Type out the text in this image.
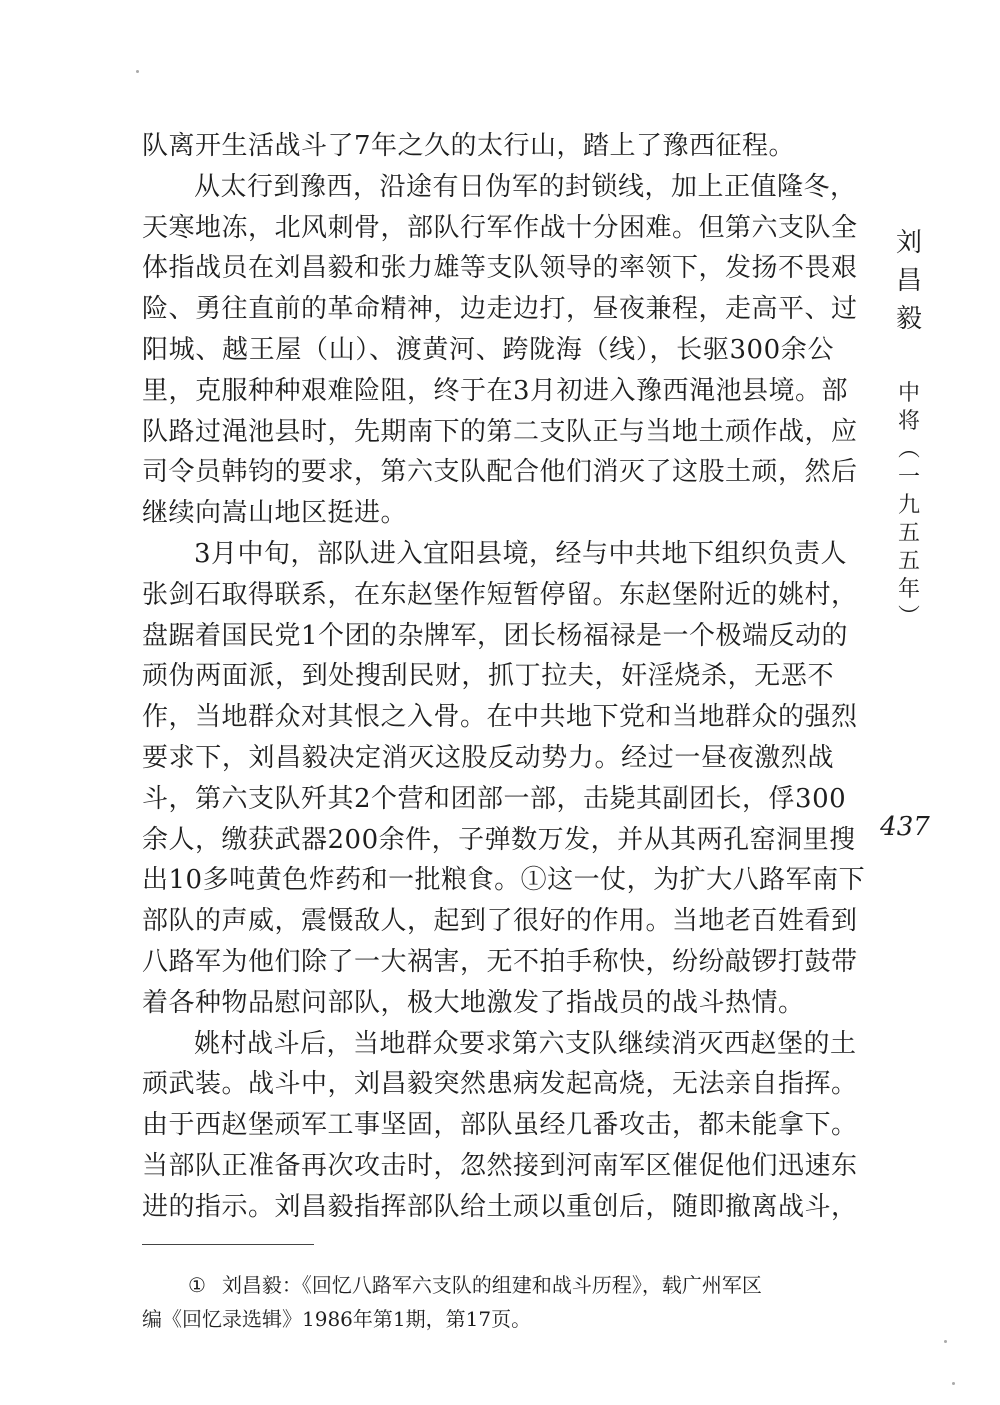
队离开生活战斗了7年之久的太行山，踏上了豫西征程。
从太行到豫西，沿途有日伪军的封锁线，加上正值隆冬，
天寒地冻，北风刺骨，部队行军作战十分困难。但第六支队全
体指战员在刘昌毅和张力雄等支队领导的率领下，发扬不畏艰
险、勇往直前的革命精神，边走边打，昼夜兼程，走高平、过
阳城、越王屋（山）、渡黄河、跨陇海（线），长驱300余公
里，克服种种艰难险阻，终于在3月初进入豫西渑池县境。部
队路过渑池县时，先期南下的第二支队正与当地土顽作战，应
司令员韩钧的要求，第六支队配合他们消灭了这股土顽，然后
继续向嵩山地区挺进。
3月中旬，部队进入宜阳县境，经与中共地下组织负责人
张剑石取得联系，在东赵堡作短暂停留。东赵堡附近的姚村，
盘踞着国民党1个团的杂牌军，团长杨福禄是一个极端反动的
顽伪两面派，到处搜刮民财，抓丁拉夫，奸淫烧杀，无恶不
作，当地群众对其恨之入骨。在中共地下党和当地群众的强烈
要求下，刘昌毅决定消灭这股反动势力。经过一昼夜激烈战
斗，第六支队歼其2个营和团部一部，击毙其副团长，俘300
余人，缴获武器200余件，子弹数万发，并从其两孔窑洞里搜
出10多吨黄色炸药和一批粮食。①这一仗，为扩大八路军南下
部队的声威，震慑敌人，起到了很好的作用。当地老百姓看到
八路军为他们除了一大祸害，无不拍手称快，纷纷敲锣打鼓带
着各种物品慰问部队，极大地激发了指战员的战斗热情。
姚村战斗后，当地群众要求第六支队继续消灭西赵堡的土
顽武装。战斗中，刘昌毅突然患病发起高烧，无法亲自指挥。
由于西赵堡顽军工事坚固，部队虽经几番攻击，都未能拿下。
当部队正准备再次攻击时，忽然接到河南军区催促他们迅速东
进的指示。刘昌毅指挥部队给土顽以重创后，随即撤离战斗，
刘
昌
毅
中
将
︵
一
九
五
五
年
︶
437
① 刘昌毅：《回忆八路军六支队的组建和战斗历程》，载广州军区
编《回忆录选辑》1986年第1期，第17页。
